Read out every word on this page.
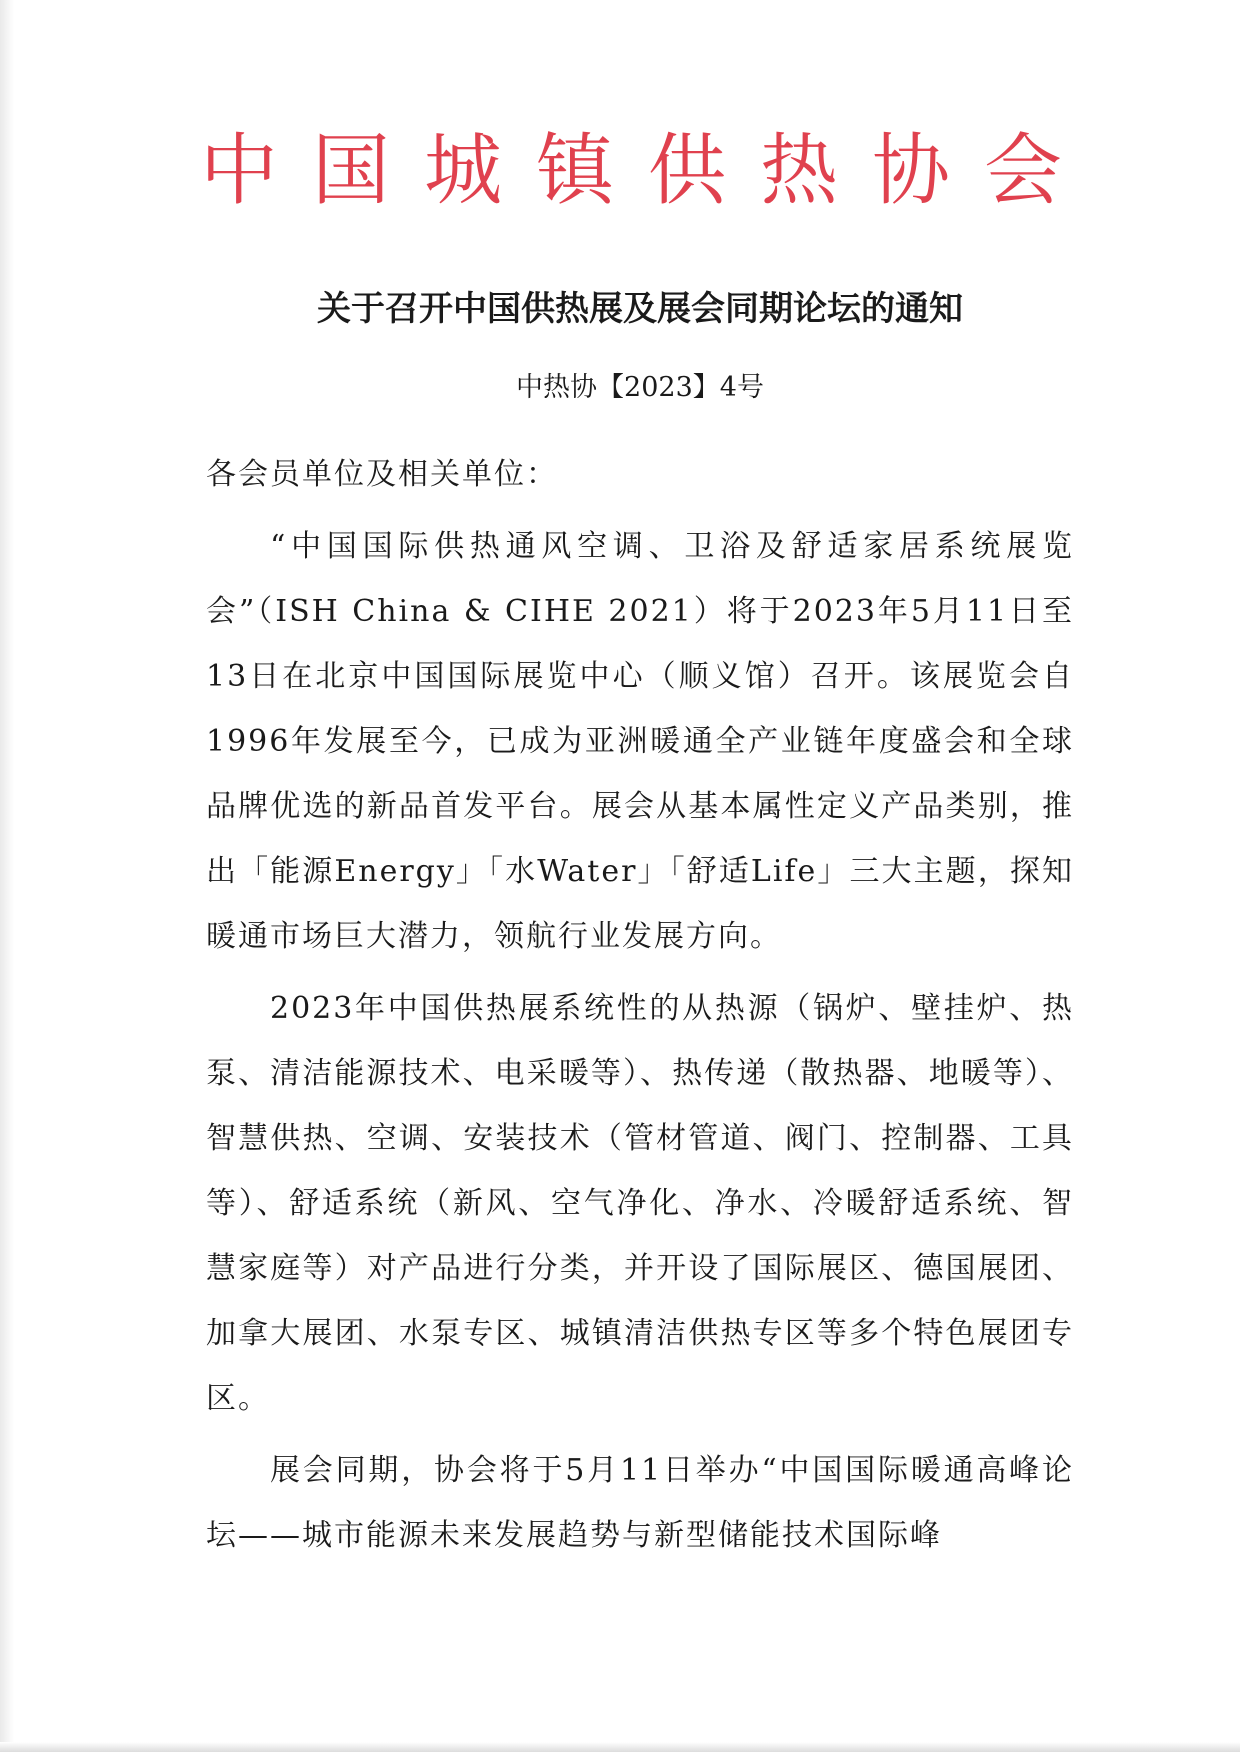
中国城镇供热协会
关于召开中国供热展及展会同期论坛的通知
中热协【2023】4号

各会员单位及相关单位：

“中国国际供热通风空调、卫浴及舒适家居系统展览会”（ISH China & CIHE 2021）将于2023年5月11日至13日在北京中国国际展览中心（顺义馆）召开。该展览会自1996年发展至今，已成为亚洲暖通全产业链年度盛会和全球品牌优选的新品首发平台。展会从基本属性定义产品类别，推出「能源Energy」「水Water」「舒适Life」三大主题，探知暖通市场巨大潜力，领航行业发展方向。

2023年中国供热展系统性的从热源（锅炉、壁挂炉、热泵、清洁能源技术、电采暖等）、热传递（散热器、地暖等）、智慧供热、空调、安装技术（管材管道、阀门、控制器、工具等）、舒适系统（新风、空气净化、净水、冷暖舒适系统、智慧家庭等）对产品进行分类，并开设了国际展区、德国展团、加拿大展团、水泵专区、城镇清洁供热专区等多个特色展团专区。

展会同期，协会将于5月11日举办“中国国际暖通高峰论坛——城市能源未来发展趋势与新型储能技术国际峰
